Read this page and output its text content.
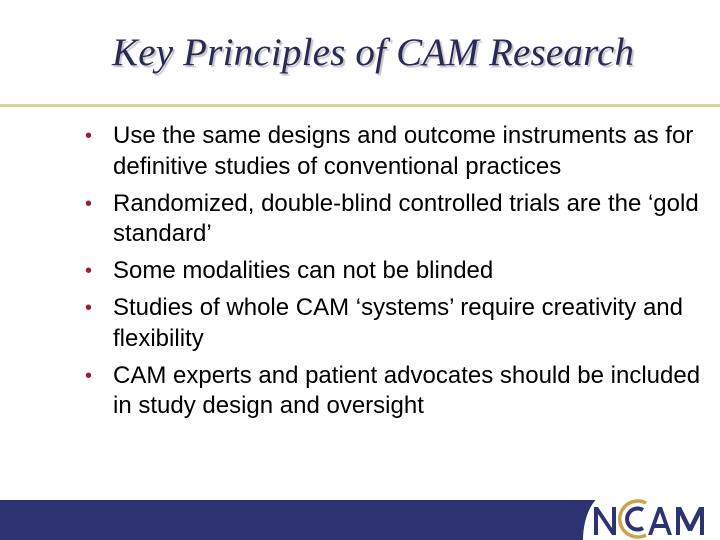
Key Principles of CAM Research
• Use the same designs and outcome instruments as for definitive studies of conventional practices
• Randomized, double-blind controlled trials are the ‘gold standard’
• Some modalities can not be blinded
• Studies of whole CAM ‘systems’ require creativity and flexibility
• CAM experts and patient advocates should be included in study design and oversight
